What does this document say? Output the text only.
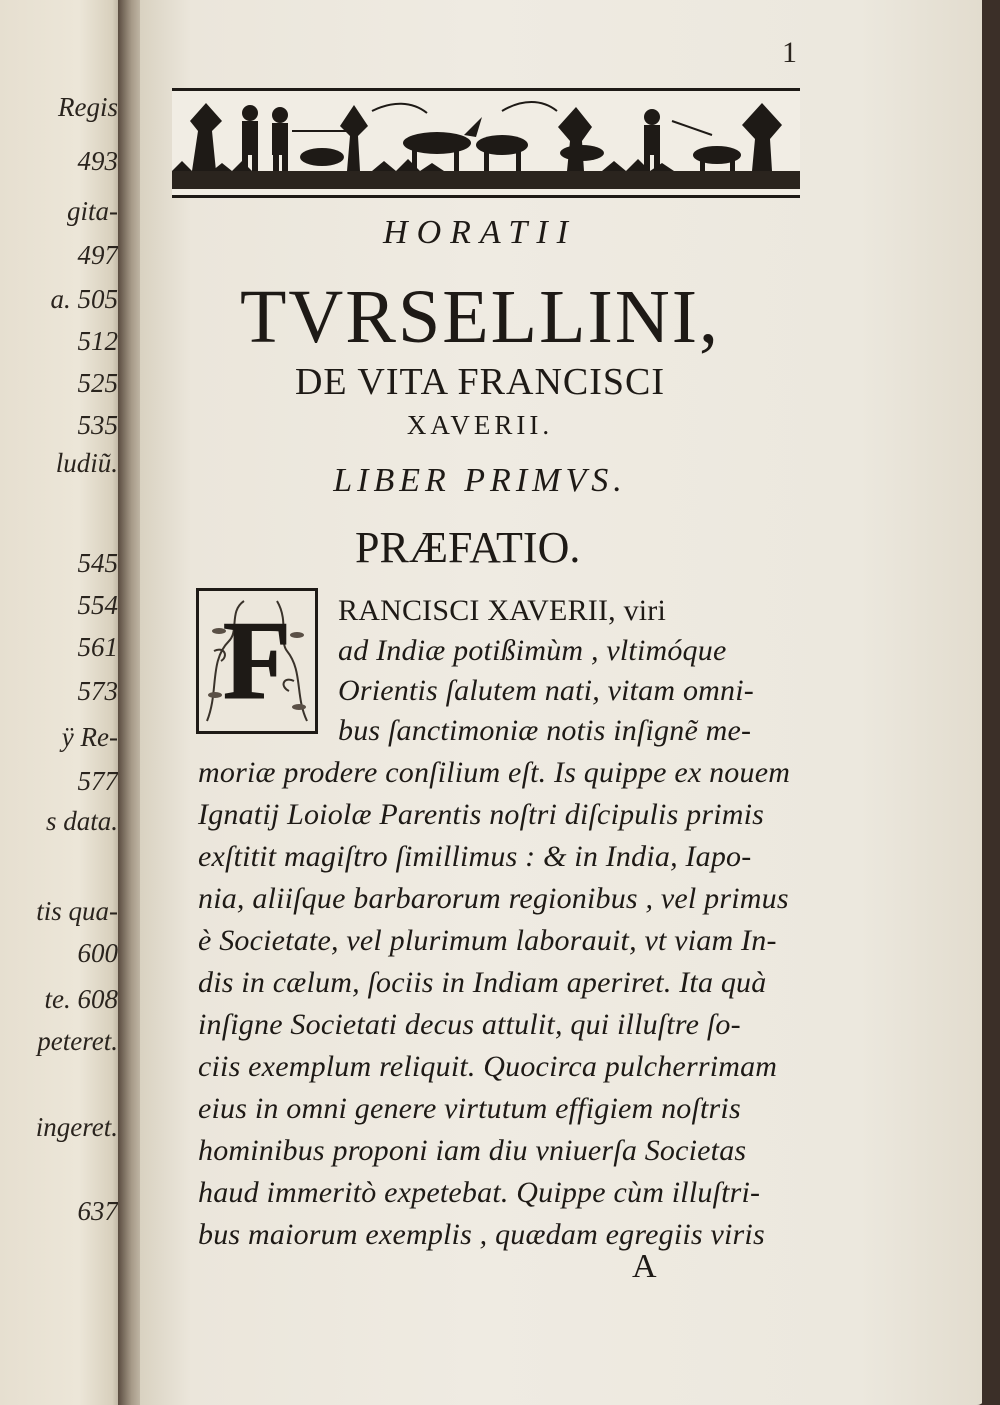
Regis
493
gita-
497
a. 505
512
525
535
ludiũ.
545
554
561
573
ÿ Re-
577
s data.
tis qua-
600
te. 608
peteret.
ingeret.
637
1
HORATII
TVRSELLINI,
DE VITA FRANCISCI
XAVERII.
LIBER PRIMVS.
PRÆFATIO.
F	RANCISCI XAVERII, viri
ad Indiæ potißimùm , vltimóque
Orientis ſalutem nati, vitam omni-
bus ſanctimoniæ notis inſignẽ me-
moriæ prodere conſilium eſt. Is quippe ex nouem
Ignatij Loiolæ Parentis noſtri diſcipulis primis
exſtitit magiſtro ſimillimus : & in India, Iapo-
nia, aliiſque barbarorum regionibus , vel primus
è Societate, vel plurimum laborauit, vt viam In-
dis in cælum, ſociis in Indiam aperiret. Ita quà
inſigne Societati decus attulit, qui illuſtre ſo-
ciis exemplum reliquit. Quocirca pulcherrimam
eius in omni genere virtutum effigiem noſtris
hominibus proponi iam diu vniuerſa Societas
haud immeritò expetebat. Quippe cùm illuſtri-
bus maiorum exemplis , quædam egregiis viris
A
